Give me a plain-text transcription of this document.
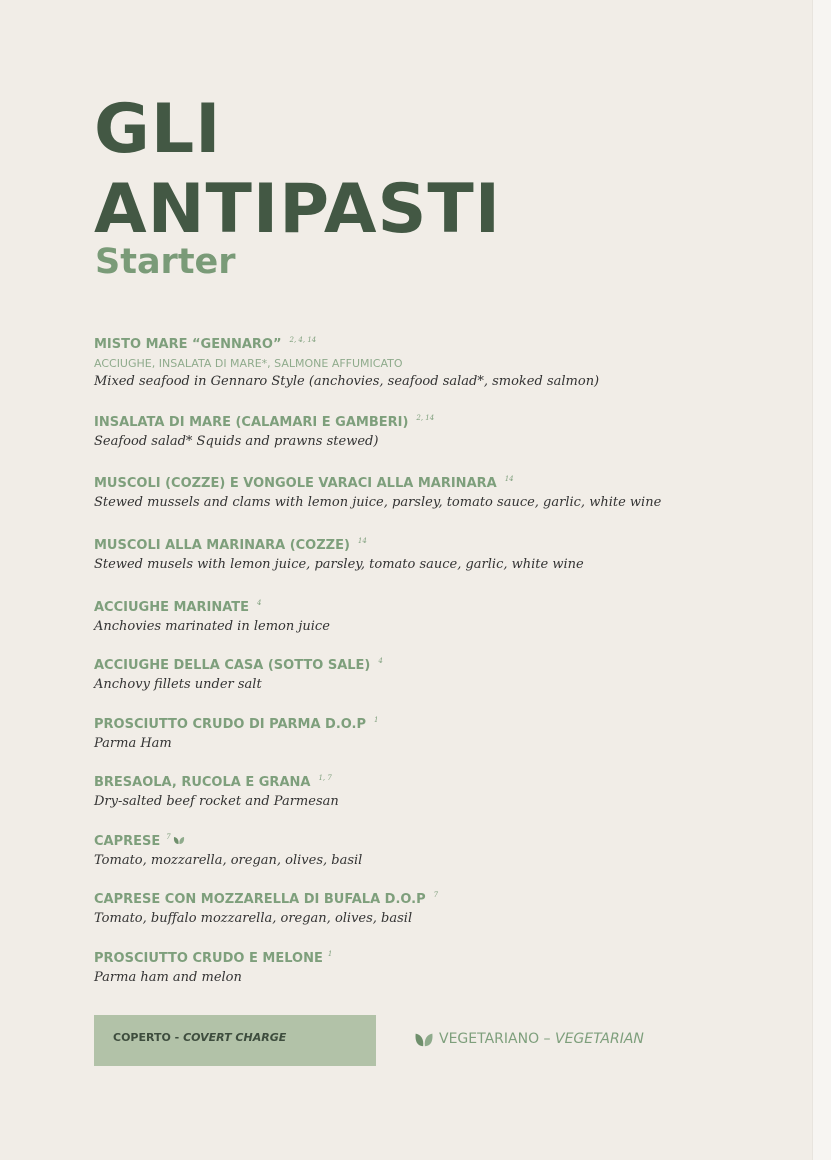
GLI
ANTIPASTI
Starter
MISTO MARE “GENNARO” $^{2, 4, 14}$
ACCIUGHE, INSALATA DI MARE*, SALMONE AFFUMICATO
Mixed seafood in Gennaro Style (anchovies, seafood salad*, smoked salmon)
INSALATA DI MARE (CALAMARI E GAMBERI) $^{2, 14}$
Seafood salad* Squids and prawns stewed)
MUSCOLI (COZZE) E VONGOLE VARACI ALLA MARINARA $^{14}$
Stewed mussels and clams with lemon juice, parsley, tomato sauce, garlic, white wine
MUSCOLI ALLA MARINARA (COZZE) $^{14}$
Stewed musels with lemon juice, parsley, tomato sauce, garlic, white wine
ACCIUGHE MARINATE $^4$
Anchovies marinated in lemon juice
ACCIUGHE DELLA CASA (SOTTO SALE) $^4$
Anchovy fillets under salt
PROSCIUTTO CRUDO DI PARMA D.O.P $^1$
Parma Ham
BRESAOLA, RUCOLA E GRANA $^{1, 7}$
Dry-salted beef rocket and Parmesan
CAPRESE $^7$
Tomato, mozzarella, oregan, olives, basil
CAPRESE CON MOZZARELLA DI BUFALA D.O.P $^7$
Tomato, buffalo mozzarella, oregan, olives, basil
PROSCIUTTO CRUDO E MELONE $^1$
Parma ham and melon
COPERTO - COVERT CHARGE	VEGETARIANO – VEGETARIAN
